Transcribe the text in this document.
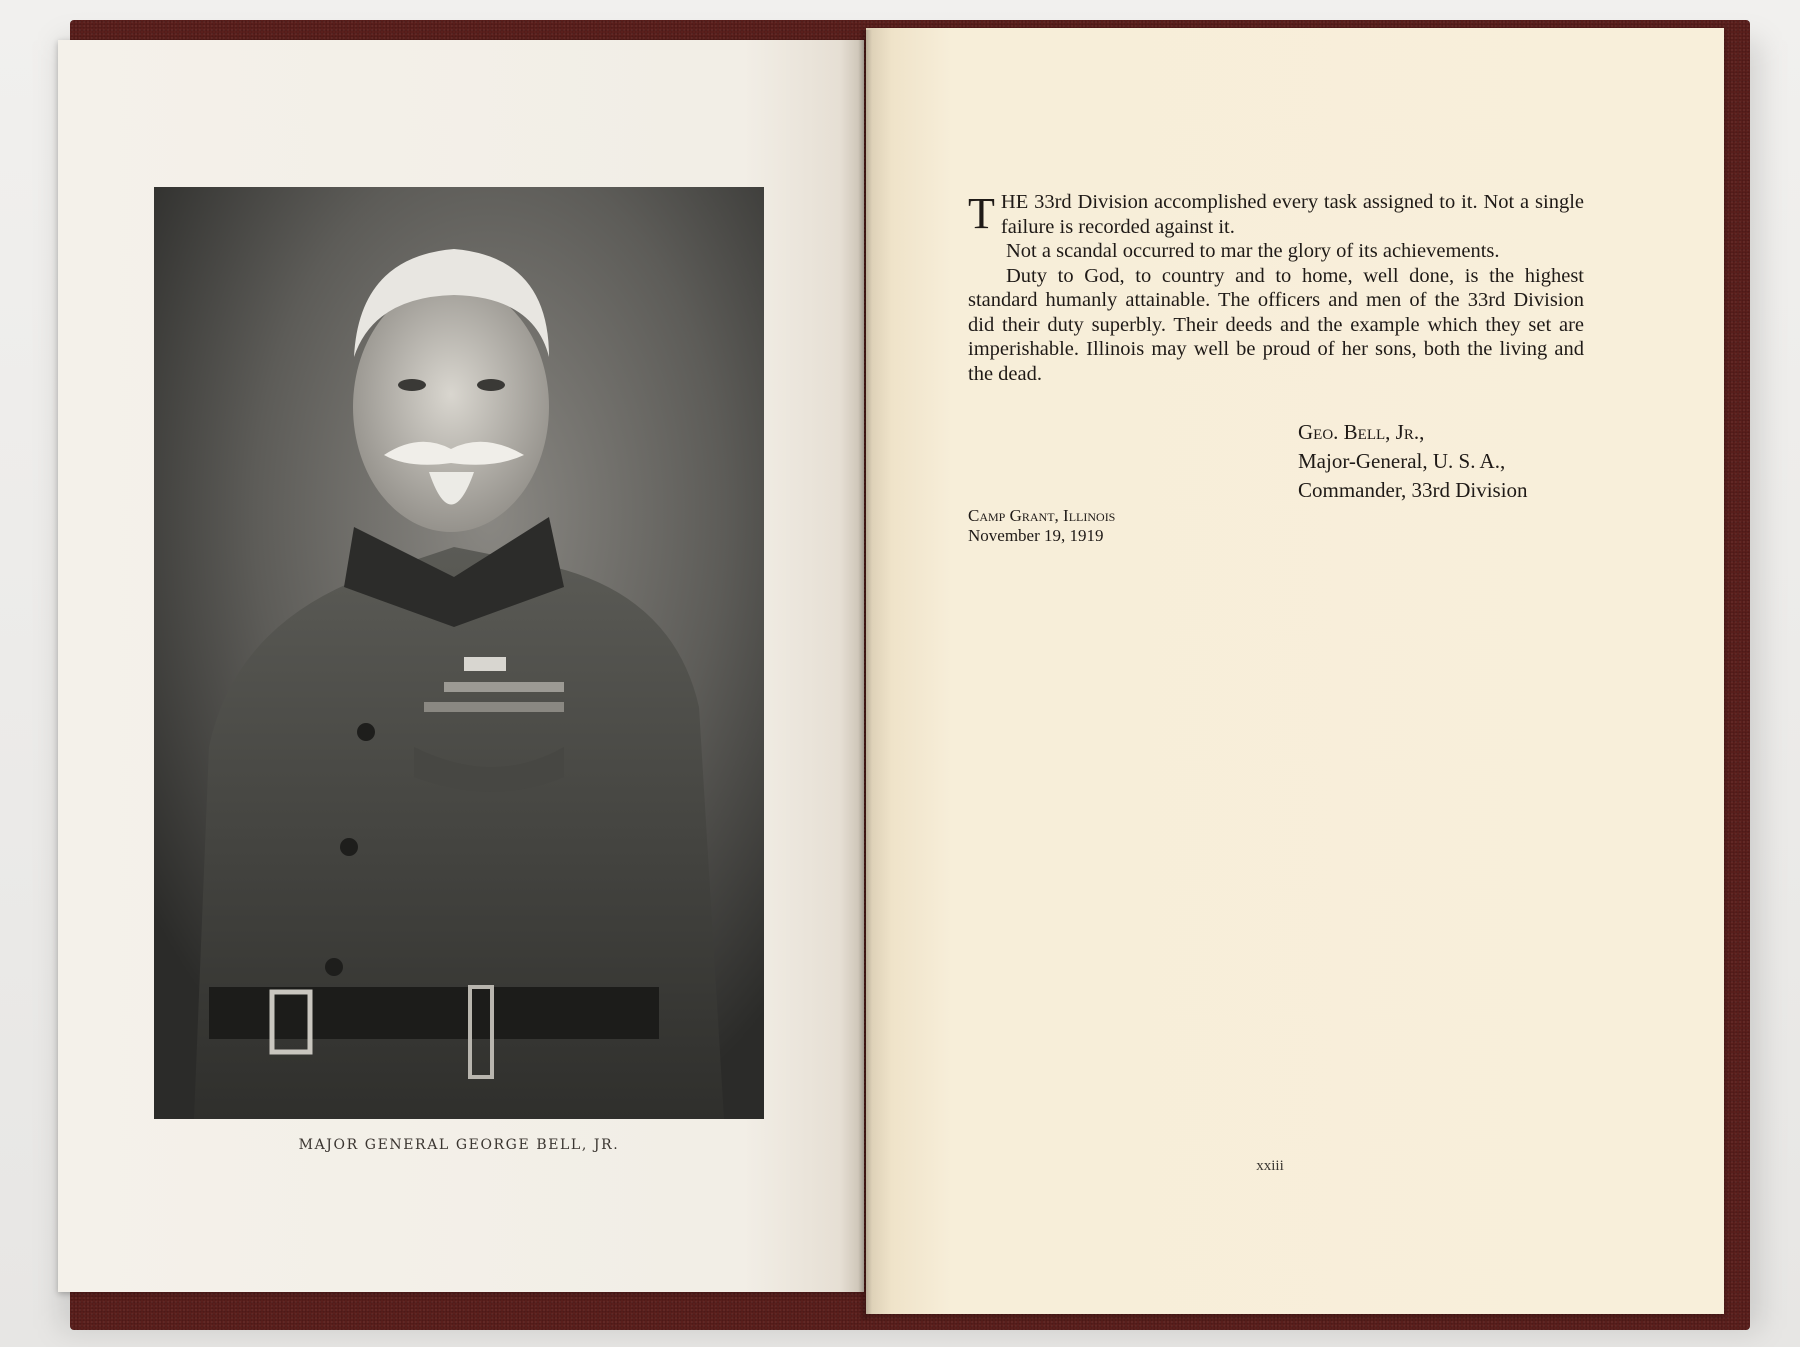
MAJOR GENERAL GEORGE BELL, JR.

T HE 33rd Division accomplished every task assigned to it. Not a single failure is recorded against it.

Not a scandal occurred to mar the glory of its achievements.

Duty to God, to country and to home, well done, is the highest standard humanly attainable. The officers and men of the 33rd Division did their duty superbly. Their deeds and the example which they set are imperishable. Illinois may well be proud of her sons, both the living and the dead.

Geo. Bell, Jr.,
Major-General, U. S. A.,
Commander, 33rd Division
Camp Grant, Illinois
November 19, 1919
xxiii
